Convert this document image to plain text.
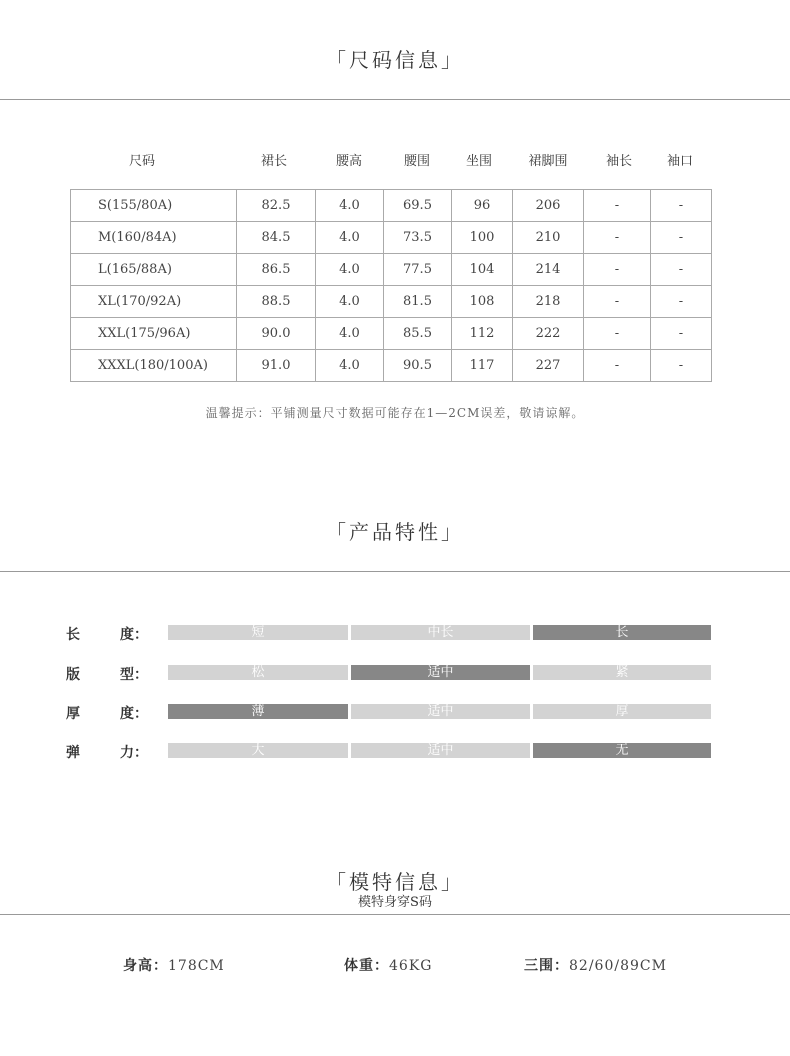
「尺码信息」
尺码	裙长	腰高	腰围	坐围	裙脚围	袖长	袖口
S(155/80A)	82.5	4.0	69.5	96	206	-	-
M(160/84A)	84.5	4.0	73.5	100	210	-	-
L(165/88A)	86.5	4.0	77.5	104	214	-	-
XL(170/92A)	88.5	4.0	81.5	108	218	-	-
XXL(175/96A)	90.0	4.0	85.5	112	222	-	-
XXXL(180/100A)	91.0	4.0	90.5	117	227	-	-
温馨提示：平铺测量尺寸数据可能存在1—2CM误差，敬请谅解。
「产品特性」
长	度：	短	中长	长
版	型：	松	适中	紧
厚	度：	薄	适中	厚
弹	力：	大	适中	无
「模特信息」
模特身穿S码
身高：178CM	体重：46KG	三围：82/60/89CM
